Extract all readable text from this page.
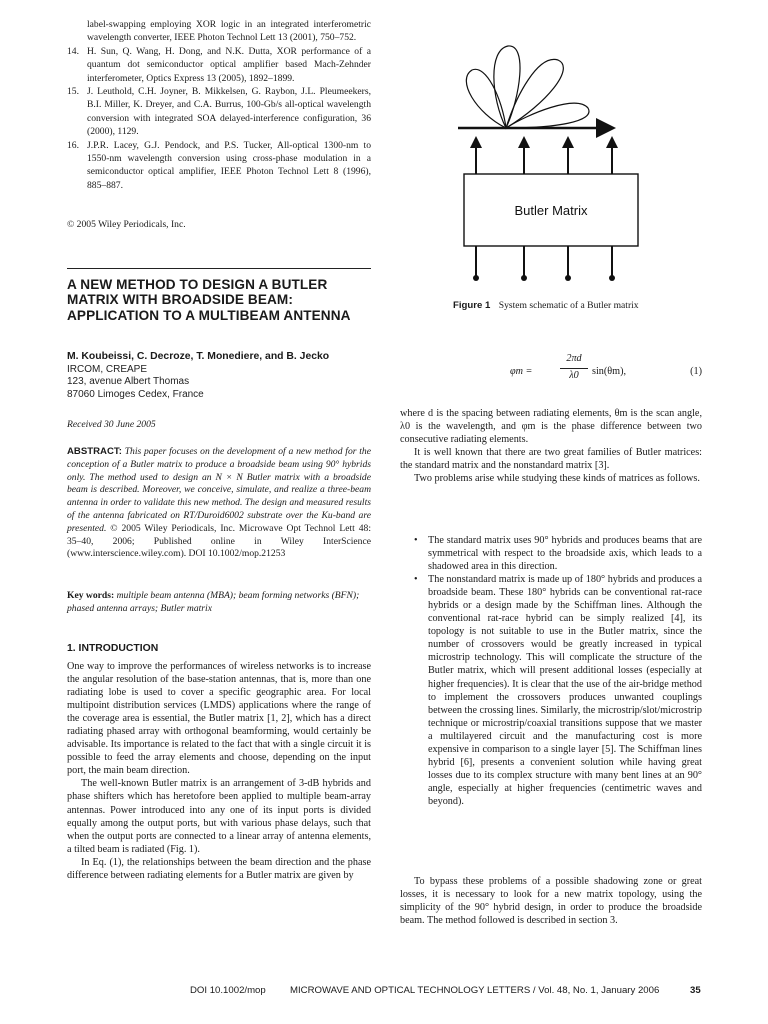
label-swapping employing XOR logic in an integrated interferometric wavelength converter, IEEE Photon Technol Lett 13 (2001), 750–752.
14. H. Sun, Q. Wang, H. Dong, and N.K. Dutta, XOR performance of a quantum dot semiconductor optical amplifier based Mach-Zehnder interferometer, Optics Express 13 (2005), 1892–1899.
15. J. Leuthold, C.H. Joyner, B. Mikkelsen, G. Raybon, J.L. Pleumeekers, B.I. Miller, K. Dreyer, and C.A. Burrus, 100-Gb/s all-optical wavelength conversion with integrated SOA delayed-interference configuration, 36 (2000), 1129.
16. J.P.R. Lacey, G.J. Pendock, and P.S. Tucker, All-optical 1300-nm to 1550-nm wavelength conversion using cross-phase modulation in a semiconductor optical amplifier, IEEE Photon Technol Lett 8 (1996), 885–887.
© 2005 Wiley Periodicals, Inc.
A NEW METHOD TO DESIGN A BUTLER MATRIX WITH BROADSIDE BEAM: APPLICATION TO A MULTIBEAM ANTENNA
M. Koubeissi, C. Decroze, T. Monediere, and B. Jecko
IRCOM, CREAPE
123, avenue Albert Thomas
87060 Limoges Cedex, France
Received 30 June 2005
ABSTRACT: This paper focuses on the development of a new method for the conception of a Butler matrix to produce a broadside beam using 90° hybrids only. The method used to design an N × N Butler matrix with a broadside beam is described. Moreover, we conceive, simulate, and realize a three-beam antenna in order to validate this new method. The design and measured results of the antenna fabricated on RT/Duroid6002 substrate over the Ku-band are presented. © 2005 Wiley Periodicals, Inc. Microwave Opt Technol Lett 48: 35–40, 2006; Published online in Wiley InterScience (www.interscience.wiley.com). DOI 10.1002/mop.21253
Key words: multiple beam antenna (MBA); beam forming networks (BFN); phased antenna arrays; Butler matrix
1. INTRODUCTION

One way to improve the performances of wireless networks is to increase the angular resolution of the base-station antennas, that is, more than one radiating lobe is used to cover a specific geographic area. For local multipoint distribution services (LMDS) applications where the range of the coverage area is essential, the Butler matrix [1, 2], which has a direct radiating phased array with orthogonal beamforming, would certainly be advisable. Its importance is related to the fact that with a single circuit it is possible to feed the array elements and choose, depending on the input port, the main beam direction.

The well-known Butler matrix is an arrangement of 3-dB hybrids and phase shifters which has heretofore been applied to multiple beam-array antennas. Power introduced into any one of its input ports is divided equally among the output ports, but with various phase delays, such that when the output ports are connected to a linear array of antenna elements, a tilted beam is radiated (Fig. 1).

In Eq. (1), the relationships between the beam direction and the phase difference between radiating elements for a Butler matrix are given by

Butler Matrix
Figure 1 System schematic of a Butler matrix
φm =
2πd
λ0	sin(θm),	(1)

where d is the spacing between radiating elements, θm is the scan angle, λ0 is the wavelength, and φm is the phase difference between two consecutive radiating elements.

It is well known that there are two great families of Butler matrices: the standard matrix and the nonstandard matrix [3].

Two problems arise while studying these kinds of matrices as follows.

• The standard matrix uses 90° hybrids and produces beams that are symmetrical with respect to the broadside axis, which leads to a shadowed area in this direction.
• The nonstandard matrix is made up of 180° hybrids and produces a broadside beam. These 180° hybrids can be conventional rat-race hybrids or a design made by the Schiffman lines. Although the conventional rat-race hybrid can be simply realized [4], its topology is not suitable to use in the Butler matrix, since the number of crossovers would be greatly increased in typical microstrip technology. This will complicate the structure of the Butler matrix, which will present additional losses (especially at higher frequencies). It is clear that the use of the air-bridge method to implement the crossovers produces unwanted couplings between the crossing lines. Similarly, the microstrip/slot/microstrip technique or microstrip/coaxial transitions suppose that we master a multilayered circuit and the manufacturing cost is more expensive in comparison to a single layer [5]. The Schiffman lines hybrid [6], presents a convenient solution while having great losses due to its complex structure with many bent lines at an 90° angle, especially at higher frequencies (centimetric waves and beyond).

To bypass these problems of a possible shadowing zone or great losses, it is necessary to look for a new matrix topology, using the simplicity of the 90° hybrid design, in order to produce the broadside beam. The method followed is described in section 3.

DOI 10.1002/mop	MICROWAVE AND OPTICAL TECHNOLOGY LETTERS / Vol. 48, No. 1, January 2006	35
